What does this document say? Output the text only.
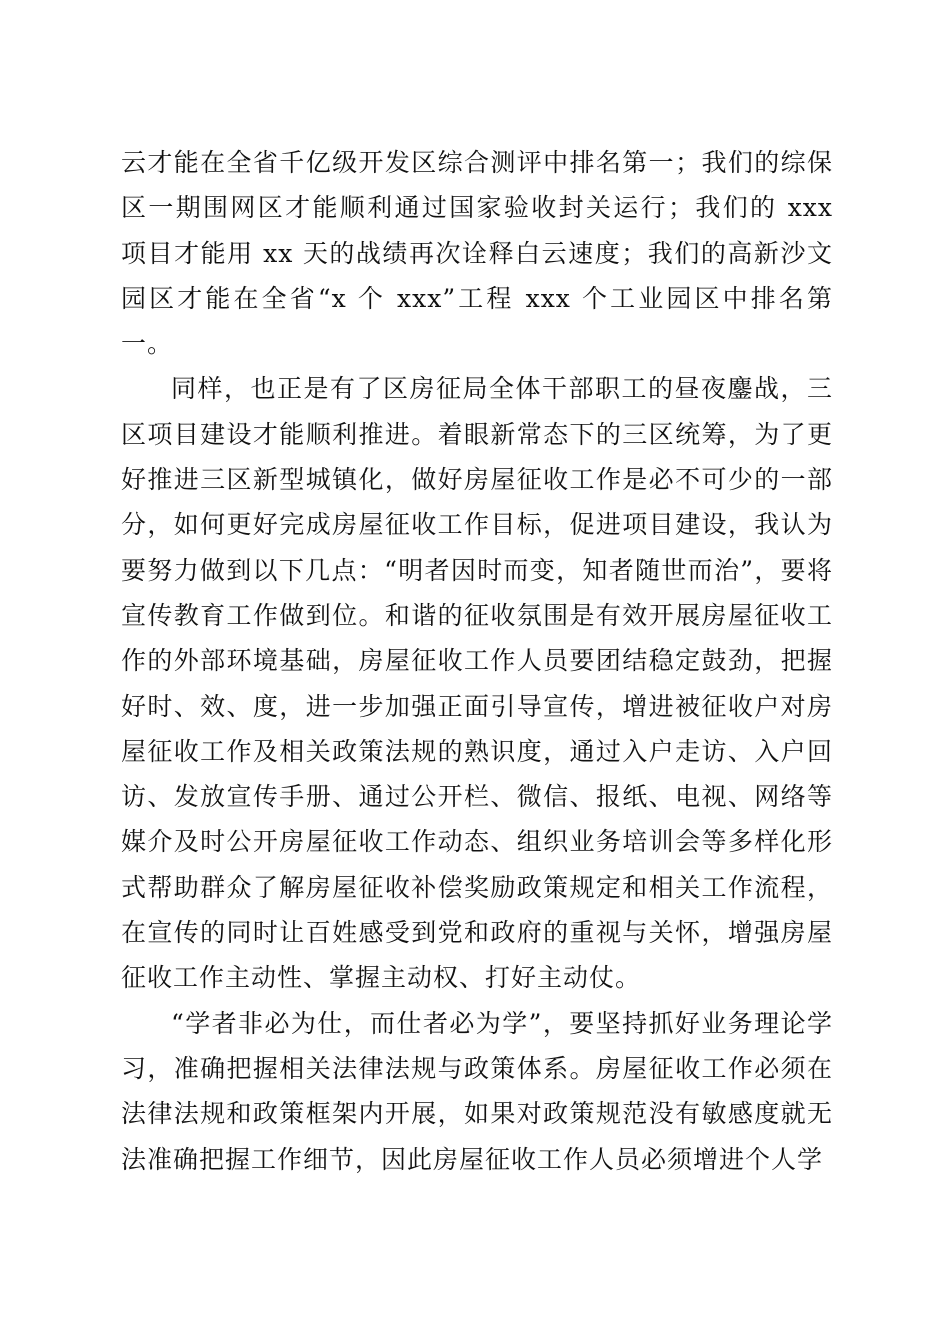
云才能在全省千亿级开发区综合测评中排名第一；我们的综保区一期围网区才能顺利通过国家验收封关运行；我们的 xxx 项目才能用 xx 天的战绩再次诠释白云速度；我们的高新沙文园区才能在全省“x 个 xxx”工程 xxx 个工业园区中排名第一。

同样，也正是有了区房征局全体干部职工的昼夜鏖战，三区项目建设才能顺利推进。着眼新常态下的三区统筹，为了更好推进三区新型城镇化，做好房屋征收工作是必不可少的一部分，如何更好完成房屋征收工作目标，促进项目建设，我认为要努力做到以下几点：“明者因时而变，知者随世而治”，要将宣传教育工作做到位。和谐的征收氛围是有效开展房屋征收工作的外部环境基础，房屋征收工作人员要团结稳定鼓劲，把握好时、效、度，进一步加强正面引导宣传，增进被征收户对房屋征收工作及相关政策法规的熟识度，通过入户走访、入户回访、发放宣传手册、通过公开栏、微信、报纸、电视、网络等媒介及时公开房屋征收工作动态、组织业务培训会等多样化形式帮助群众了解房屋征收补偿奖励政策规定和相关工作流程，在宣传的同时让百姓感受到党和政府的重视与关怀，增强房屋征收工作主动性、掌握主动权、打好主动仗。

“学者非必为仕，而仕者必为学”，要坚持抓好业务理论学习，准确把握相关法律法规与政策体系。房屋征收工作必须在法律法规和政策框架内开展，如果对政策规范没有敏感度就无法准确把握工作细节，因此房屋征收工作人员必须增进个人学
